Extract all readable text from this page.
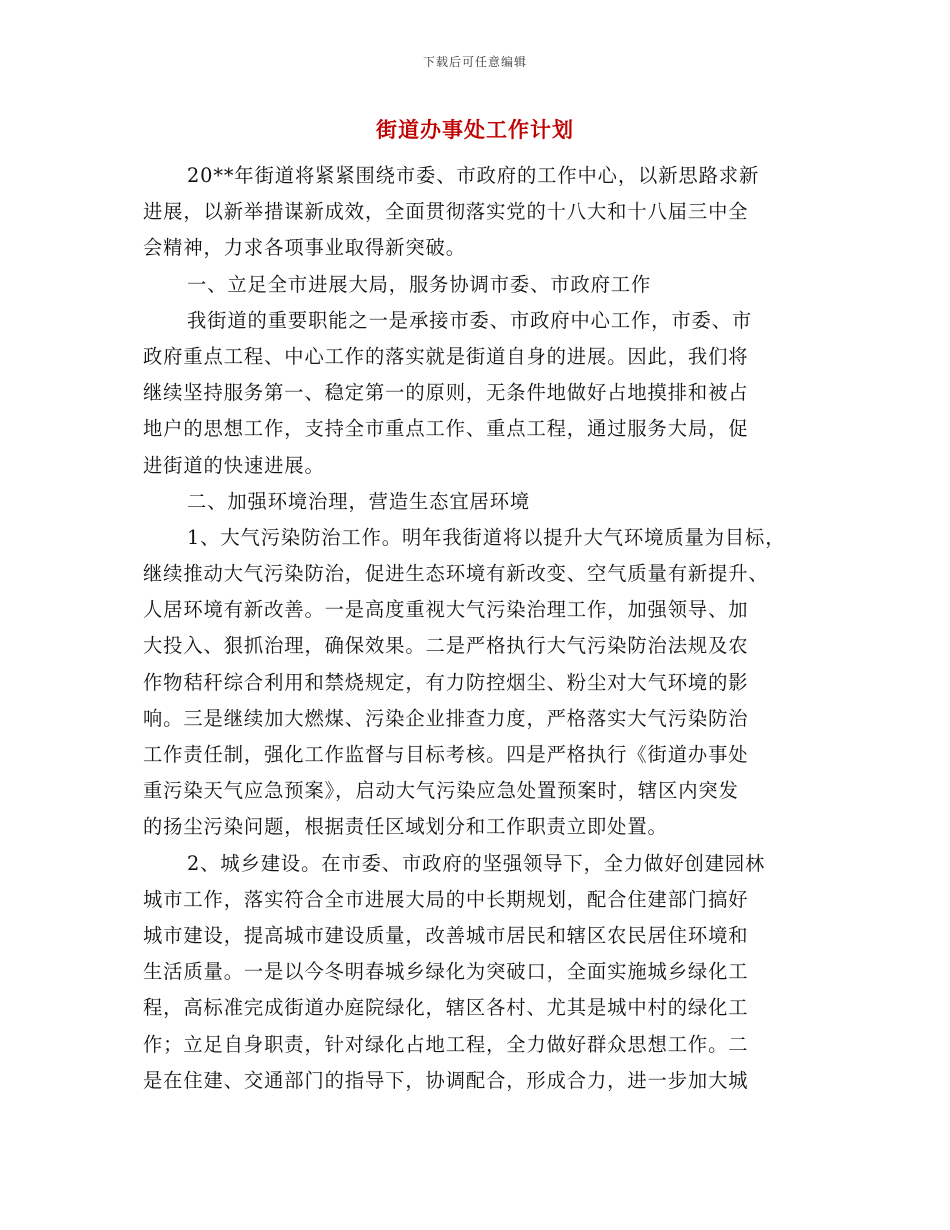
下载后可任意编辑
街道办事处工作计划
20**年街道将紧紧围绕市委、市政府的工作中心，以新思路求新
进展，以新举措谋新成效，全面贯彻落实党的十八大和十八届三中全
会精神，力求各项事业取得新突破。
一、立足全市进展大局，服务协调市委、市政府工作
我街道的重要职能之一是承接市委、市政府中心工作，市委、市
政府重点工程、中心工作的落实就是街道自身的进展。因此，我们将
继续坚持服务第一、稳定第一的原则，无条件地做好占地摸排和被占
地户的思想工作，支持全市重点工作、重点工程，通过服务大局，促
进街道的快速进展。
二、加强环境治理，营造生态宜居环境
1、大气污染防治工作。明年我街道将以提升大气环境质量为目标，
继续推动大气污染防治，促进生态环境有新改变、空气质量有新提升、
人居环境有新改善。一是高度重视大气污染治理工作，加强领导、加
大投入、狠抓治理，确保效果。二是严格执行大气污染防治法规及农
作物秸秆综合利用和禁烧规定，有力防控烟尘、粉尘对大气环境的影
响。三是继续加大燃煤、污染企业排查力度，严格落实大气污染防治
工作责任制，强化工作监督与目标考核。四是严格执行《街道办事处
重污染天气应急预案》，启动大气污染应急处置预案时，辖区内突发
的扬尘污染问题，根据责任区域划分和工作职责立即处置。
2、城乡建设。在市委、市政府的坚强领导下，全力做好创建园林
城市工作，落实符合全市进展大局的中长期规划，配合住建部门搞好
城市建设，提高城市建设质量，改善城市居民和辖区农民居住环境和
生活质量。一是以今冬明春城乡绿化为突破口，全面实施城乡绿化工
程，高标准完成街道办庭院绿化，辖区各村、尤其是城中村的绿化工
作；立足自身职责，针对绿化占地工程，全力做好群众思想工作。二
是在住建、交通部门的指导下，协调配合，形成合力，进一步加大城
